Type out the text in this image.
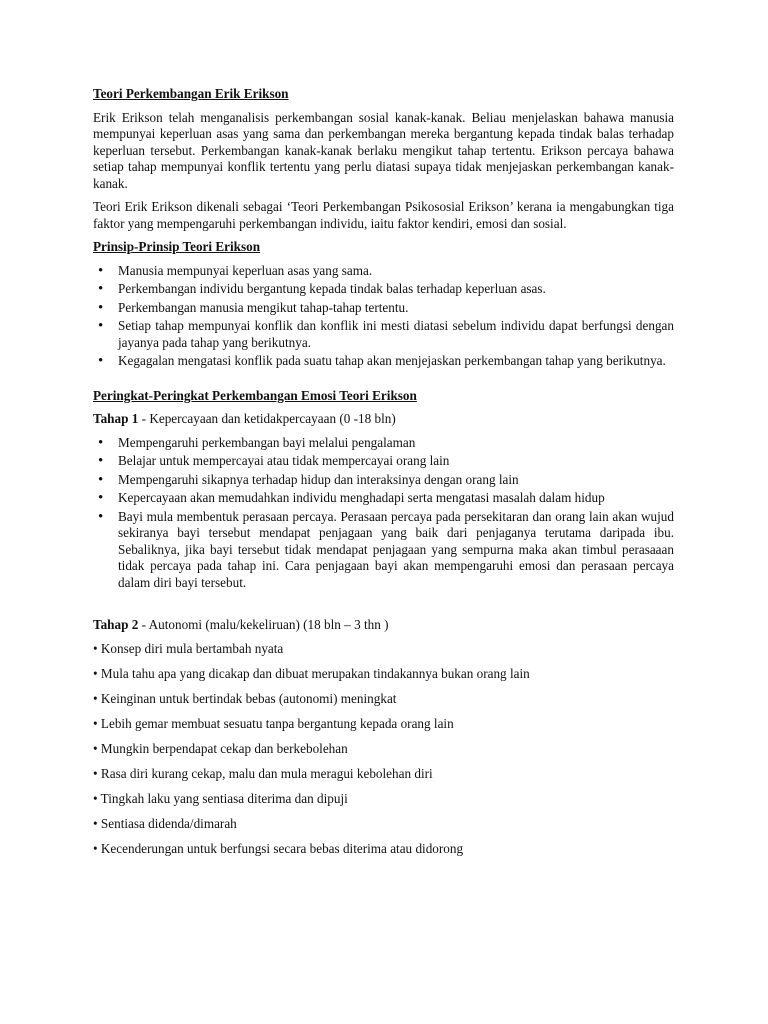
Teori Perkembangan Erik Erikson

Erik Erikson telah menganalisis perkembangan sosial kanak-kanak. Beliau menjelaskan bahawa manusia mempunyai keperluan asas yang sama dan perkembangan mereka bergantung kepada tindak balas terhadap keperluan tersebut. Perkembangan kanak-kanak berlaku mengikut tahap tertentu. Erikson percaya bahawa setiap tahap mempunyai konflik tertentu yang perlu diatasi supaya tidak menjejaskan perkembangan kanak-kanak.

Teori Erik Erikson dikenali sebagai ‘Teori Perkembangan Psikososial Erikson’ kerana ia mengabungkan tiga faktor yang mempengaruhi perkembangan individu, iaitu faktor kendiri, emosi dan sosial.

Prinsip-Prinsip Teori Erikson
• Manusia mempunyai keperluan asas yang sama.
• Perkembangan individu bergantung kepada tindak balas terhadap keperluan asas.
• Perkembangan manusia mengikut tahap-tahap tertentu.
• Setiap tahap mempunyai konflik dan konflik ini mesti diatasi sebelum individu dapat berfungsi dengan jayanya pada tahap yang berikutnya.
• Kegagalan mengatasi konflik pada suatu tahap akan menjejaskan perkembangan tahap yang berikutnya.
Peringkat-Peringkat Perkembangan Emosi Teori Erikson
Tahap 1 - Kepercayaan dan ketidakpercayaan (0 -18 bln)
• Mempengaruhi perkembangan bayi melalui pengalaman
• Belajar untuk mempercayai atau tidak mempercayai orang lain
• Mempengaruhi sikapnya terhadap hidup dan interaksinya dengan orang lain
• Kepercayaan akan memudahkan individu menghadapi serta mengatasi masalah dalam hidup
• Bayi mula membentuk perasaan percaya. Perasaan percaya pada persekitaran dan orang lain akan wujud sekiranya bayi tersebut mendapat penjagaan yang baik dari penjaganya terutama daripada ibu. Sebaliknya, jika bayi tersebut tidak mendapat penjagaan yang sempurna maka akan timbul perasaaan tidak percaya pada tahap ini. Cara penjagaan bayi akan mempengaruhi emosi dan perasaan percaya dalam diri bayi tersebut.
Tahap 2 - Autonomi (malu/kekeliruan) (18 bln – 3 thn )
• Konsep diri mula bertambah nyata
• Mula tahu apa yang dicakap dan dibuat merupakan tindakannya bukan orang lain
• Keinginan untuk bertindak bebas (autonomi) meningkat
• Lebih gemar membuat sesuatu tanpa bergantung kepada orang lain
• Mungkin berpendapat cekap dan berkebolehan
• Rasa diri kurang cekap, malu dan mula meragui kebolehan diri
• Tingkah laku yang sentiasa diterima dan dipuji
• Sentiasa didenda/dimarah
• Kecenderungan untuk berfungsi secara bebas diterima atau didorong
